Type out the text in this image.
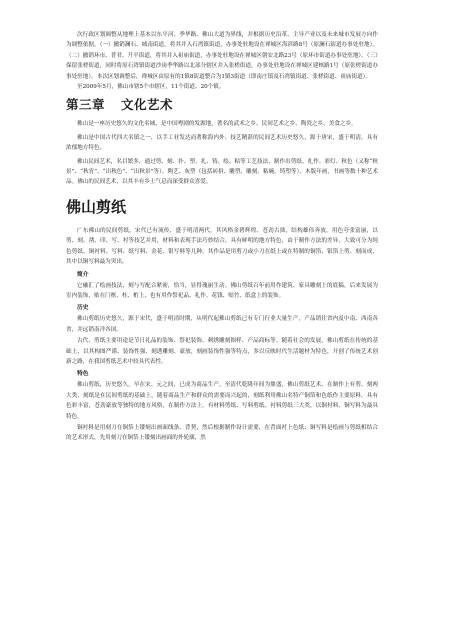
次行政区划调整从地理上基本以东平河、季华路、佛山大道为界线，并根据历史沿革、主导产业以及未来城市发展方向作为调整依据。（一）撤销澜石、城南街道，将其并入石湾镇街道，办事处驻地设在禅城区海滨路8号（原澜石街道办事处驻地）。（二）撤销环市、普君、升平街道，将其并入祖庙街道，办事处驻地设在禅城区朝安北路23号（原环市街道办事处驻地）。（三）保留张槎街道，同时将原石湾镇街道沙岗季华路以北部分辖区并入张槎街道，办事处驻地设在禅城区建核路1号（原张槎街道办事处驻地）。本次区划调整后，禅城区由原有的1镇8街道整合为1镇3街道（即南庄镇及石湾镇街道、张槎街道、祖庙街道）。

至2009年5月，佛山市辖5个市辖区，11个街道、20个镇。

第三章 文化艺术

佛山是一座历史悠久的文化名城，是中国粤剧的发源地，著名的武术之乡、民间艺术之乡、陶瓷之乡、美食之乡。

佛山是中国古代四大名镇之一，以手工业发达而著称海内外。技艺精湛的民间艺术历史悠久，源于唐宋，盛于明清，具有浓郁地方特色。

佛山民间艺术，名目繁多，通过剪、刻、扑、塑、扎、铸、绘、粘等工艺技法，制作出剪纸、扎作、彩灯、秋色（又称“秋景”、“秋宵”、“出秋色”、“出秋景”等）、陶艺、灰塑（包括砖拼、雕塑、雕刻、粘碗、铸塑等）、木版年画、书画等数十种艺术品。佛山的民间艺术，以其丰有乡土气息而深受群众喜爱。

佛山剪纸

广东佛山的民间剪纸，宋代已有流传，盛于明清两代。其风格金碧辉煌、苍劲古拙，结构雄伟奔放，用色夸张富丽，以剪、刻、凿、印、写、衬等技艺并用，材料和表现手法巧妙结合，具有鲜明的地方特色，由于制作方法的差异，大致可分为纯色剪纸、铜衬料、写料、纸写料、金花、银写料等几种。其作品是用剪刀或小刀在纸上或在特制的铜箔、银箔上剪、刻而成，其中以铜写料最为突出。

简介

它融汇了绘画技法，刻与写配合紧密，恰当，显得瑰丽生动。佛山剪纸百年前用作建筑、家具雕刻上的底稿，后来发展为室内装饰，贴在门框、柱、桁上，也有用作祭祀品、礼作、花钱、贴竹、纸盒上的装饰。

历史

佛山剪纸历史悠久，源于宋代，盛于明清时期，从明代起佛山剪纸已有专门行业大量生产，产品销往省内及中南、西南各省，并远销南洋各国。

古代，剪纸主要用途是节日礼品的装饰、祭祀装饰、刺绣雕刻图样、产品商标等。随着社会的发展，佛山剪纸在传统的基础上，以其构图严谨、装饰性强、刻透雕刻、豪放，刻画装饰性强等特点，多以反映时代生活题材为特色，开创了传统艺术创新之路，在我国剪纸艺术中较具代表性。

特色

佛山剪纸，历史悠久，早在宋、元之间，已成为商品生产，至清代乾隆年间为鼎盛，佛山剪纸艺术，在制作上有剪、刻两大类，刻纸是在民间剪纸的基础上，随着商品生产和群众的需要而兴起的，刻纸利用佛山名特产铜箔和色纸作主要原料，具有色彩丰富，苍劲豪放等独特的地方风格，在制作方法上，有材料剪纸、写料剪纸、衬料剪纸三大类，以铜衬料、铜写料为最具特色。

铜衬料是用刻刀在铜箔上镂刻出画面线条、背契，然后根据制作设计需要，在背面衬上色纸；铜写料是绘画与剪纸相结合的艺术形式，先用刻刀在铜箔上镂刻出画面的外轮廓，然
